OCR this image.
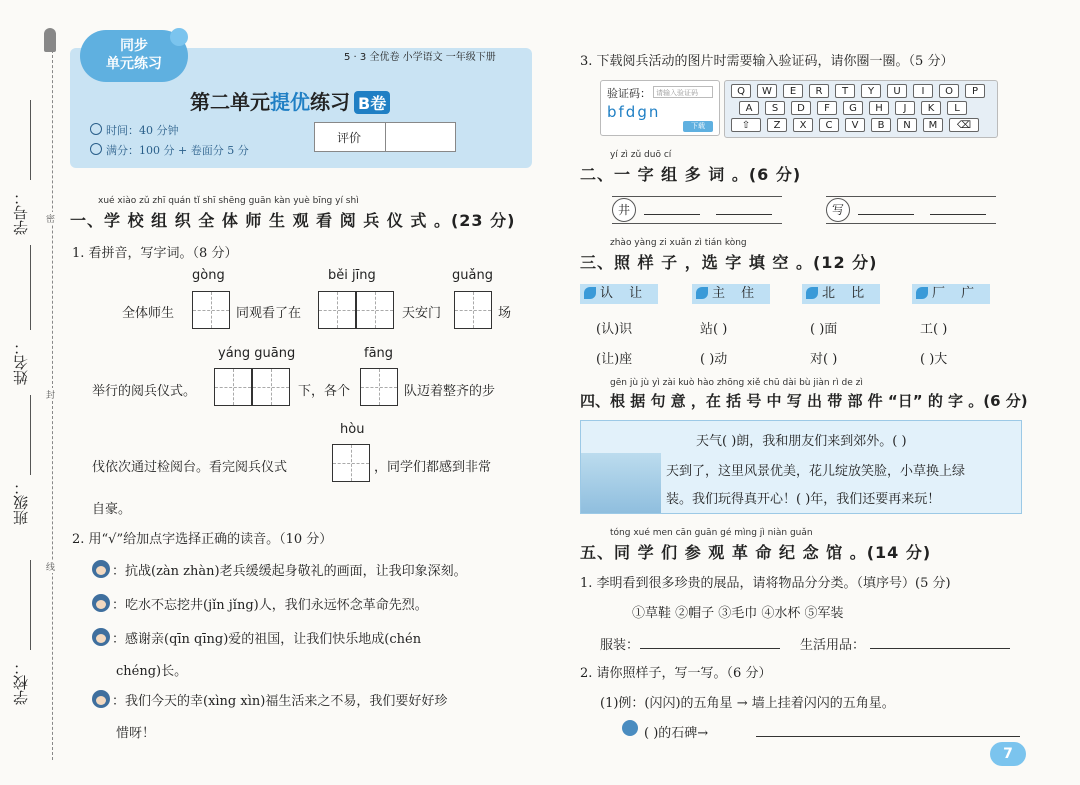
学号：
姓名：
班级：
学校：
密
封
线
同步
单元练习	5 · 3 全优卷 小学语文 一年级下册
第二单元提优练习 B卷
时间：40 分钟
满分：100 分 + 卷面分 5 分
评价
xué xiào zǔ zhī quán tǐ shī shēng guān kàn yuè bīng yí shì
一、学 校 组 织 全 体 师 生 观 看 阅 兵 仪 式 。(23 分)
1. 看拼音，写字词。（8 分）
gòng	běi jīng	guǎng
全体师生	同观看了在	天安门	场
yáng guāng	fāng
举行的阅兵仪式。	下，各个	队迈着整齐的步
hòu
伐依次通过检阅台。看完阅兵仪式	，同学们都感到非常
自豪。
2. 用“√”给加点字选择正确的读音。（10 分）
：抗战(zàn zhàn)老兵缓缓起身敬礼的画面，让我印象深刻。
：吃水不忘挖井(jǐn jǐng)人，我们永远怀念革命先烈。
：感谢亲(qīn qīng)爱的祖国，让我们快乐地成(chén
chéng)长。
：我们今天的幸(xìng xìn)福生活来之不易，我们要好好珍
惜呀！
3. 下载阅兵活动的图片时需要输入验证码，请你圈一圈。（5 分）
验证码： 请输入验证码
bfdgn
下载
Q	W	E	R	T	Y	U	I	O	P
A	S	D	F	G	H	J	K	L
⇧	Z	X	C	V	B	N	M	⌫
yí zì zǔ duō cí
二、一 字 组 多 词 。(6 分)
井	写
zhào yàng zi xuǎn zì tián kòng
三、照 样 子 ，选 字 填 空 。(12 分)
认 让	主 住	北 比	厂 广
(认)识	站( )	( )面	工( )
(让)座	( )动	对( )	( )大
gēn jù jù yì zài kuò hào zhōng xiě chū dài bù jiàn rì de zì
四、根 据 句 意 ，在 括 号 中 写 出 带 部 件 “日” 的 字 。(6 分)
天气( )朗，我和朋友们来到郊外。( )
天到了，这里风景优美，花儿绽放笑脸，小草换上绿
装。我们玩得真开心！( )年，我们还要再来玩！
tóng xué men cān guān gé mìng jì niàn guǎn
五、同 学 们 参 观 革 命 纪 念 馆 。(14 分)
1. 李明看到很多珍贵的展品，请将物品分分类。（填序号）(5 分)
①草鞋 ②帽子 ③毛巾 ④水杯 ⑤军装
服装：	生活用品：
2. 请你照样子，写一写。（6 分）
(1)例：(闪闪)的五角星 → 墙上挂着闪闪的五角星。
( )的石碑→
7
